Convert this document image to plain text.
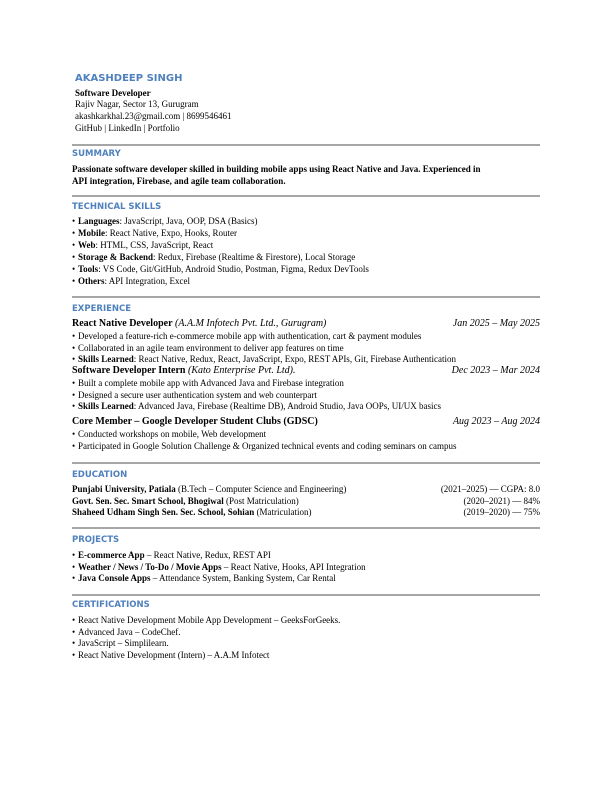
AKASHDEEP SINGH
Software Developer
Rajiv Nagar, Sector 13, Gurugram
akashkarkhal.23@gmail.com | 8699546461
GitHub | LinkedIn | Portfolio
SUMMARY
Passionate software developer skilled in building mobile apps using React Native and Java. Experienced in
API integration, Firebase, and agile team collaboration.
TECHNICAL SKILLS
EXPERIENCE
EDUCATION
PROJECTS
CERTIFICATIONS
• Languages: JavaScript, Java, OOP, DSA (Basics)
• Mobile: React Native, Expo, Hooks, Router
• Web: HTML, CSS, JavaScript, React
• Storage & Backend: Redux, Firebase (Realtime & Firestore), Local Storage
• Tools: VS Code, Git/GitHub, Android Studio, Postman, Figma, Redux DevTools
• Others: API Integration, Excel
React Native Developer (A.A.M Infotech Pvt. Ltd., Gurugram)	Jan 2025 – May 2025
• Developed a feature-rich e-commerce mobile app with authentication, cart & payment modules
• Collaborated in an agile team environment to deliver app features on time
• Skills Learned: React Native, Redux, React, JavaScript, Expo, REST APIs, Git, Firebase Authentication
Software Developer Intern (Kato Enterprise Pvt. Ltd).	Dec 2023 – Mar 2024
• Built a complete mobile app with Advanced Java and Firebase integration
• Designed a secure user authentication system and web counterpart
• Skills Learned: Advanced Java, Firebase (Realtime DB), Android Studio, Java OOPs, UI/UX basics
Core Member – Google Developer Student Clubs (GDSC)	Aug 2023 – Aug 2024
• Conducted workshops on mobile, Web development
• Participated in Google Solution Challenge & Organized technical events and coding seminars on campus
Punjabi University, Patiala (B.Tech – Computer Science and Engineering)	(2021–2025) — CGPA: 8.0
Govt. Sen. Sec. Smart School, Bhogiwal (Post Matriculation)	(2020–2021) — 84%
Shaheed Udham Singh Sen. Sec. School, Sohian (Matriculation)	(2019–2020) — 75%
• E-commerce App – React Native, Redux, REST API
• Weather / News / To-Do / Movie Apps – React Native, Hooks, API Integration
• Java Console Apps – Attendance System, Banking System, Car Rental
• React Native Development Mobile App Development – GeeksForGeeks.
• Advanced Java – CodeChef.
• JavaScript – Simplilearn.
• React Native Development (Intern) – A.A.M Infotect
